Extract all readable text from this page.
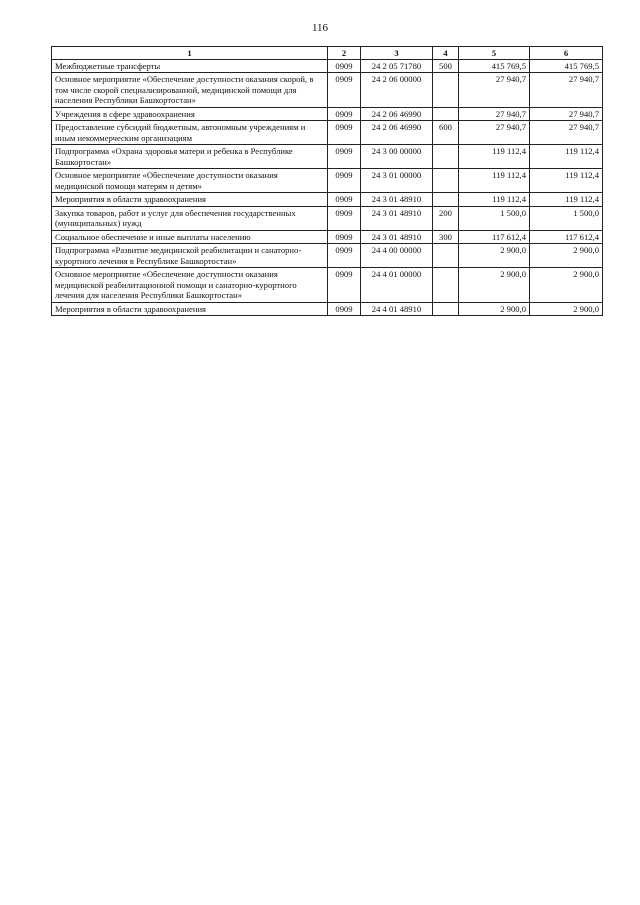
116
1	2	3	4	5	6
Межбюджетные трансферты	0909	24 2 05 71780	500	415 769,5	415 769,5
Основное мероприятие «Обеспечение доступности оказания скорой, в том числе скорой специализированной, медицинской помощи для населения Республики Башкортостан»	0909	24 2 06 00000		27 940,7	27 940,7
Учреждения в сфере здравоохранения	0909	24 2 06 46990		27 940,7	27 940,7
Предоставление субсидий бюджетным, автономным учреждениям и иным некоммерческим организациям	0909	24 2 06 46990	600	27 940,7	27 940,7
Подпрограмма «Охрана здоровья матери и ребенка в Республике Башкортостан»	0909	24 3 00 00000		119 112,4	119 112,4
Основное мероприятие «Обеспечение доступности оказания медицинской помощи матерям и детям»	0909	24 3 01 00000		119 112,4	119 112,4
Мероприятия в области здравоохранения	0909	24 3 01 48910		119 112,4	119 112,4
Закупка товаров, работ и услуг для обеспечения государственных (муниципальных) нужд	0909	24 3 01 48910	200	1 500,0	1 500,0
Социальное обеспечение и иные выплаты населению	0909	24 3 01 48910	300	117 612,4	117 612,4
Подпрограмма «Развитие медицинской реабилитации и санаторно-курортного лечения в Республике Башкортостан»	0909	24 4 00 00000		2 900,0	2 900,0
Основное мероприятие «Обеспечение доступности оказания медицинской реабилитационной помощи и санаторно-курортного лечения для населения Республики Башкортостан»	0909	24 4 01 00000		2 900,0	2 900,0
Мероприятия в области здравоохранения	0909	24 4 01 48910		2 900,0	2 900,0
